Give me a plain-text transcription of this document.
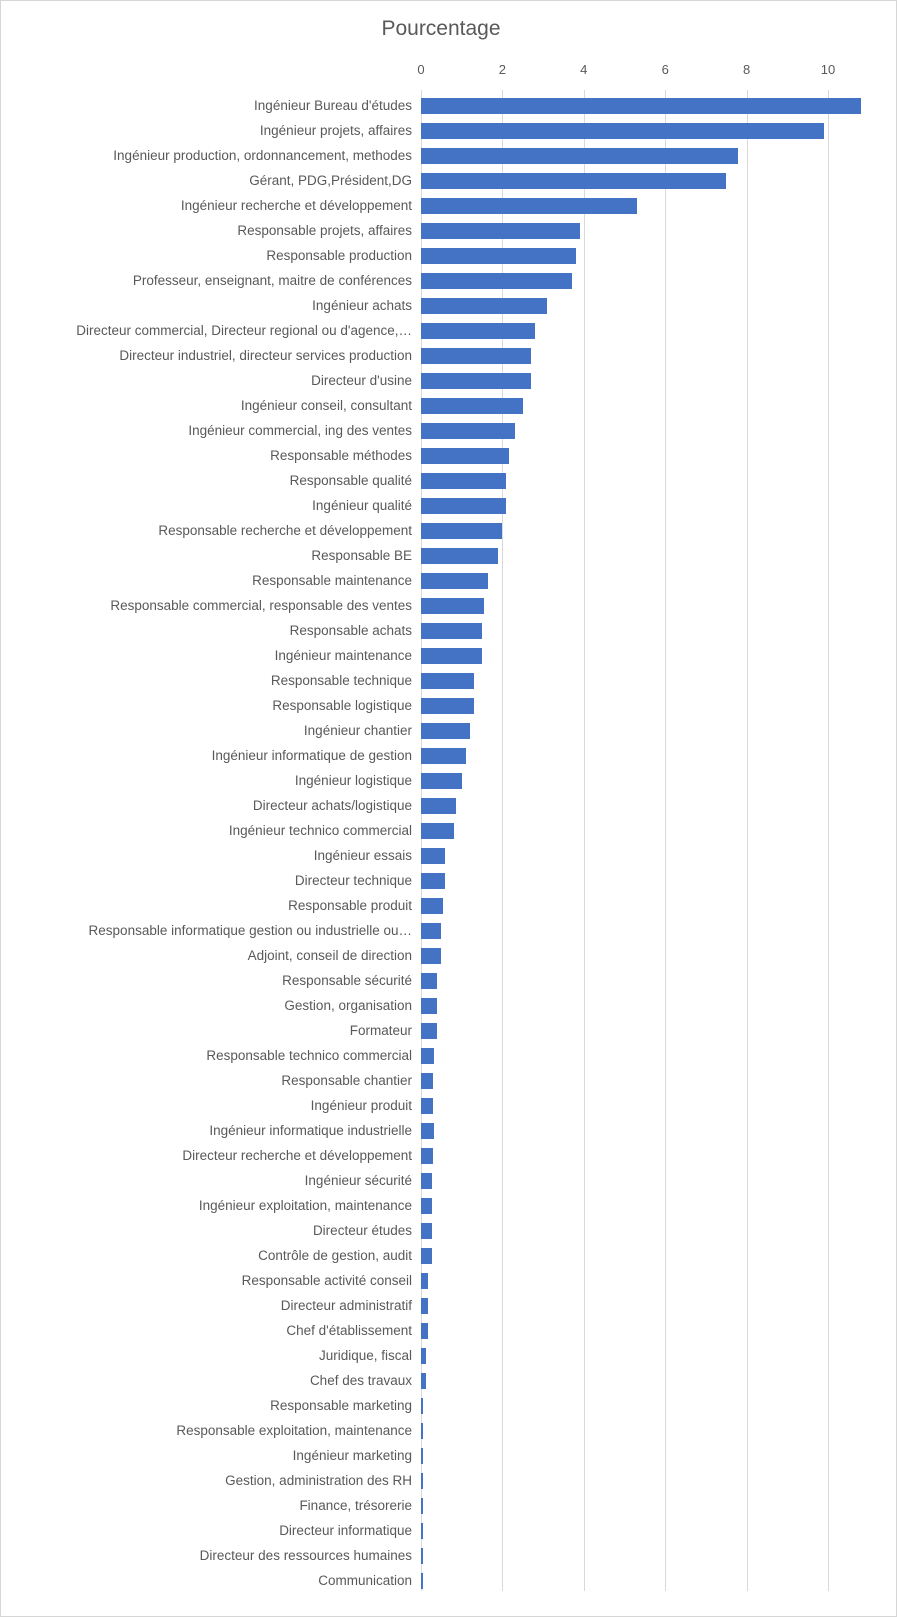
Pourcentage
0	2	4	6	8	10
Ingénieur Bureau d'études
Ingénieur projets, affaires
Ingénieur production, ordonnancement, methodes
Gérant, PDG,Président,DG
Ingénieur recherche et développement
Responsable projets, affaires
Responsable production
Professeur, enseignant, maitre de conférences
Ingénieur achats
Directeur commercial, Directeur regional ou d'agence,…
Directeur industriel, directeur services production
Directeur d'usine
Ingénieur conseil, consultant
Ingénieur commercial, ing des ventes
Responsable méthodes
Responsable qualité
Ingénieur qualité
Responsable recherche et développement
Responsable BE
Responsable maintenance
Responsable commercial, responsable des ventes
Responsable achats
Ingénieur maintenance
Responsable technique
Responsable logistique
Ingénieur chantier
Ingénieur informatique de gestion
Ingénieur logistique
Directeur achats/logistique
Ingénieur technico commercial
Ingénieur essais
Directeur technique
Responsable produit
Responsable informatique gestion ou industrielle ou…
Adjoint, conseil de direction
Responsable sécurité
Gestion, organisation
Formateur
Responsable technico commercial
Responsable chantier
Ingénieur produit
Ingénieur informatique industrielle
Directeur recherche et développement
Ingénieur sécurité
Ingénieur exploitation, maintenance
Directeur études
Contrôle de gestion, audit
Responsable activité conseil
Directeur administratif
Chef d'établissement
Juridique, fiscal
Chef des travaux
Responsable marketing
Responsable exploitation, maintenance
Ingénieur marketing
Gestion, administration des RH
Finance, trésorerie
Directeur informatique
Directeur des ressources humaines
Communication
